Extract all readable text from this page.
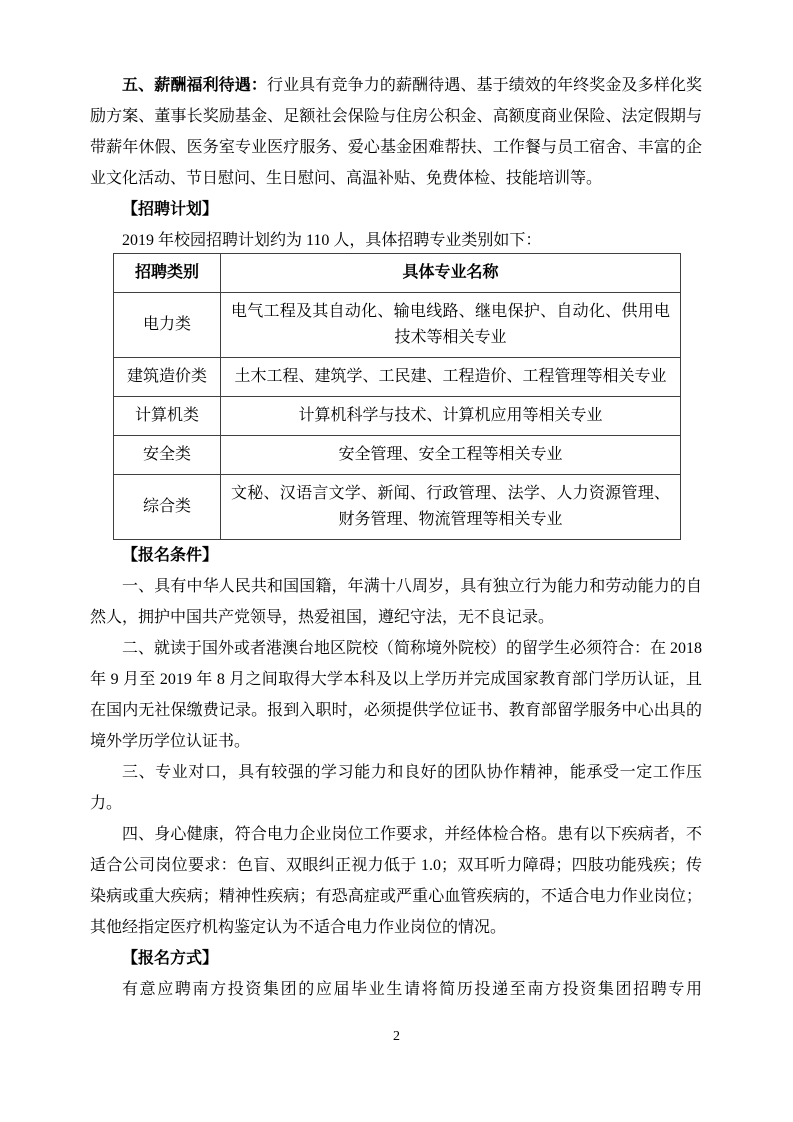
五、薪酬福利待遇：行业具有竞争力的薪酬待遇、基于绩效的年终奖金及多样化奖励方案、董事长奖励基金、足额社会保险与住房公积金、高额度商业保险、法定假期与带薪年休假、医务室专业医疗服务、爱心基金困难帮扶、工作餐与员工宿舍、丰富的企业文化活动、节日慰问、生日慰问、高温补贴、免费体检、技能培训等。

【招聘计划】

2019 年校园招聘计划约为 110 人，具体招聘专业类别如下：

招聘类别	具体专业名称
电力类	电气工程及其自动化、输电线路、继电保护、自动化、供用电技术等相关专业
建筑造价类	土木工程、建筑学、工民建、工程造价、工程管理等相关专业
计算机类	计算机科学与技术、计算机应用等相关专业
安全类	安全管理、安全工程等相关专业
综合类	文秘、汉语言文学、新闻、行政管理、法学、人力资源管理、财务管理、物流管理等相关专业
【报名条件】

一、具有中华人民共和国国籍，年满十八周岁，具有独立行为能力和劳动能力的自然人，拥护中国共产党领导，热爱祖国，遵纪守法，无不良记录。

二、就读于国外或者港澳台地区院校（简称境外院校）的留学生必须符合：在 2018 年 9 月至 2019 年 8 月之间取得大学本科及以上学历并完成国家教育部门学历认证，且在国内无社保缴费记录。报到入职时，必须提供学位证书、教育部留学服务中心出具的境外学历学位认证书。

三、专业对口，具有较强的学习能力和良好的团队协作精神，能承受一定工作压力。

四、身心健康，符合电力企业岗位工作要求，并经体检合格。患有以下疾病者，不适合公司岗位要求：色盲、双眼纠正视力低于 1.0；双耳听力障碍；四肢功能残疾；传染病或重大疾病；精神性疾病；有恐高症或严重心血管疾病的，不适合电力作业岗位；其他经指定医疗机构鉴定认为不适合电力作业岗位的情况。

【报名方式】

有意应聘南方投资集团的应届毕业生请将简历投递至南方投资集团招聘专用

2
